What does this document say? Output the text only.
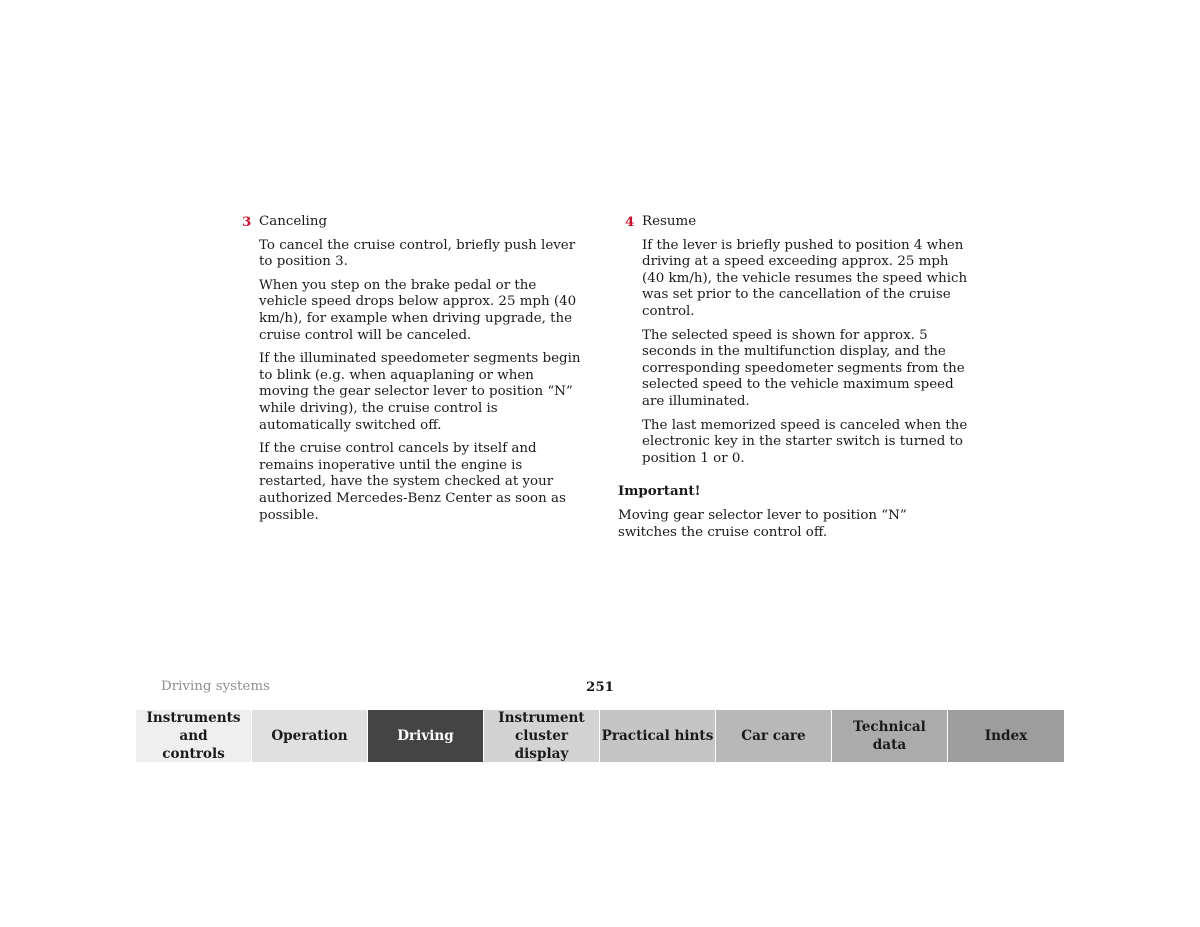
3 Canceling

To cancel the cruise control, briefly push lever to position 3.

When you step on the brake pedal or the vehicle speed drops below approx. 25 mph (40 km/h), for example when driving upgrade, the cruise control will be canceled.

If the illuminated speedometer segments begin to blink (e.g. when aquaplaning or when moving the gear selector lever to position “N” while driving), the cruise control is automatically switched off.

If the cruise control cancels by itself and remains inoperative until the engine is restarted, have the system checked at your authorized Mercedes-Benz Center as soon as possible.

4 Resume

If the lever is briefly pushed to position 4 when driving at a speed exceeding approx. 25 mph (40 km/h), the vehicle resumes the speed which was set prior to the cancellation of the cruise control.

The selected speed is shown for approx. 5 seconds in the multifunction display, and the corresponding speedometer segments from the selected speed to the vehicle maximum speed are illuminated.

The last memorized speed is canceled when the electronic key in the starter switch is turned to position 1 or 0.

Important!

Moving gear selector lever to position “N” switches the cruise control off.

Driving systems	251
Instruments and controls
Operation	Driving
Instrument cluster display
Practical hints	Car care
Technical data
Index
